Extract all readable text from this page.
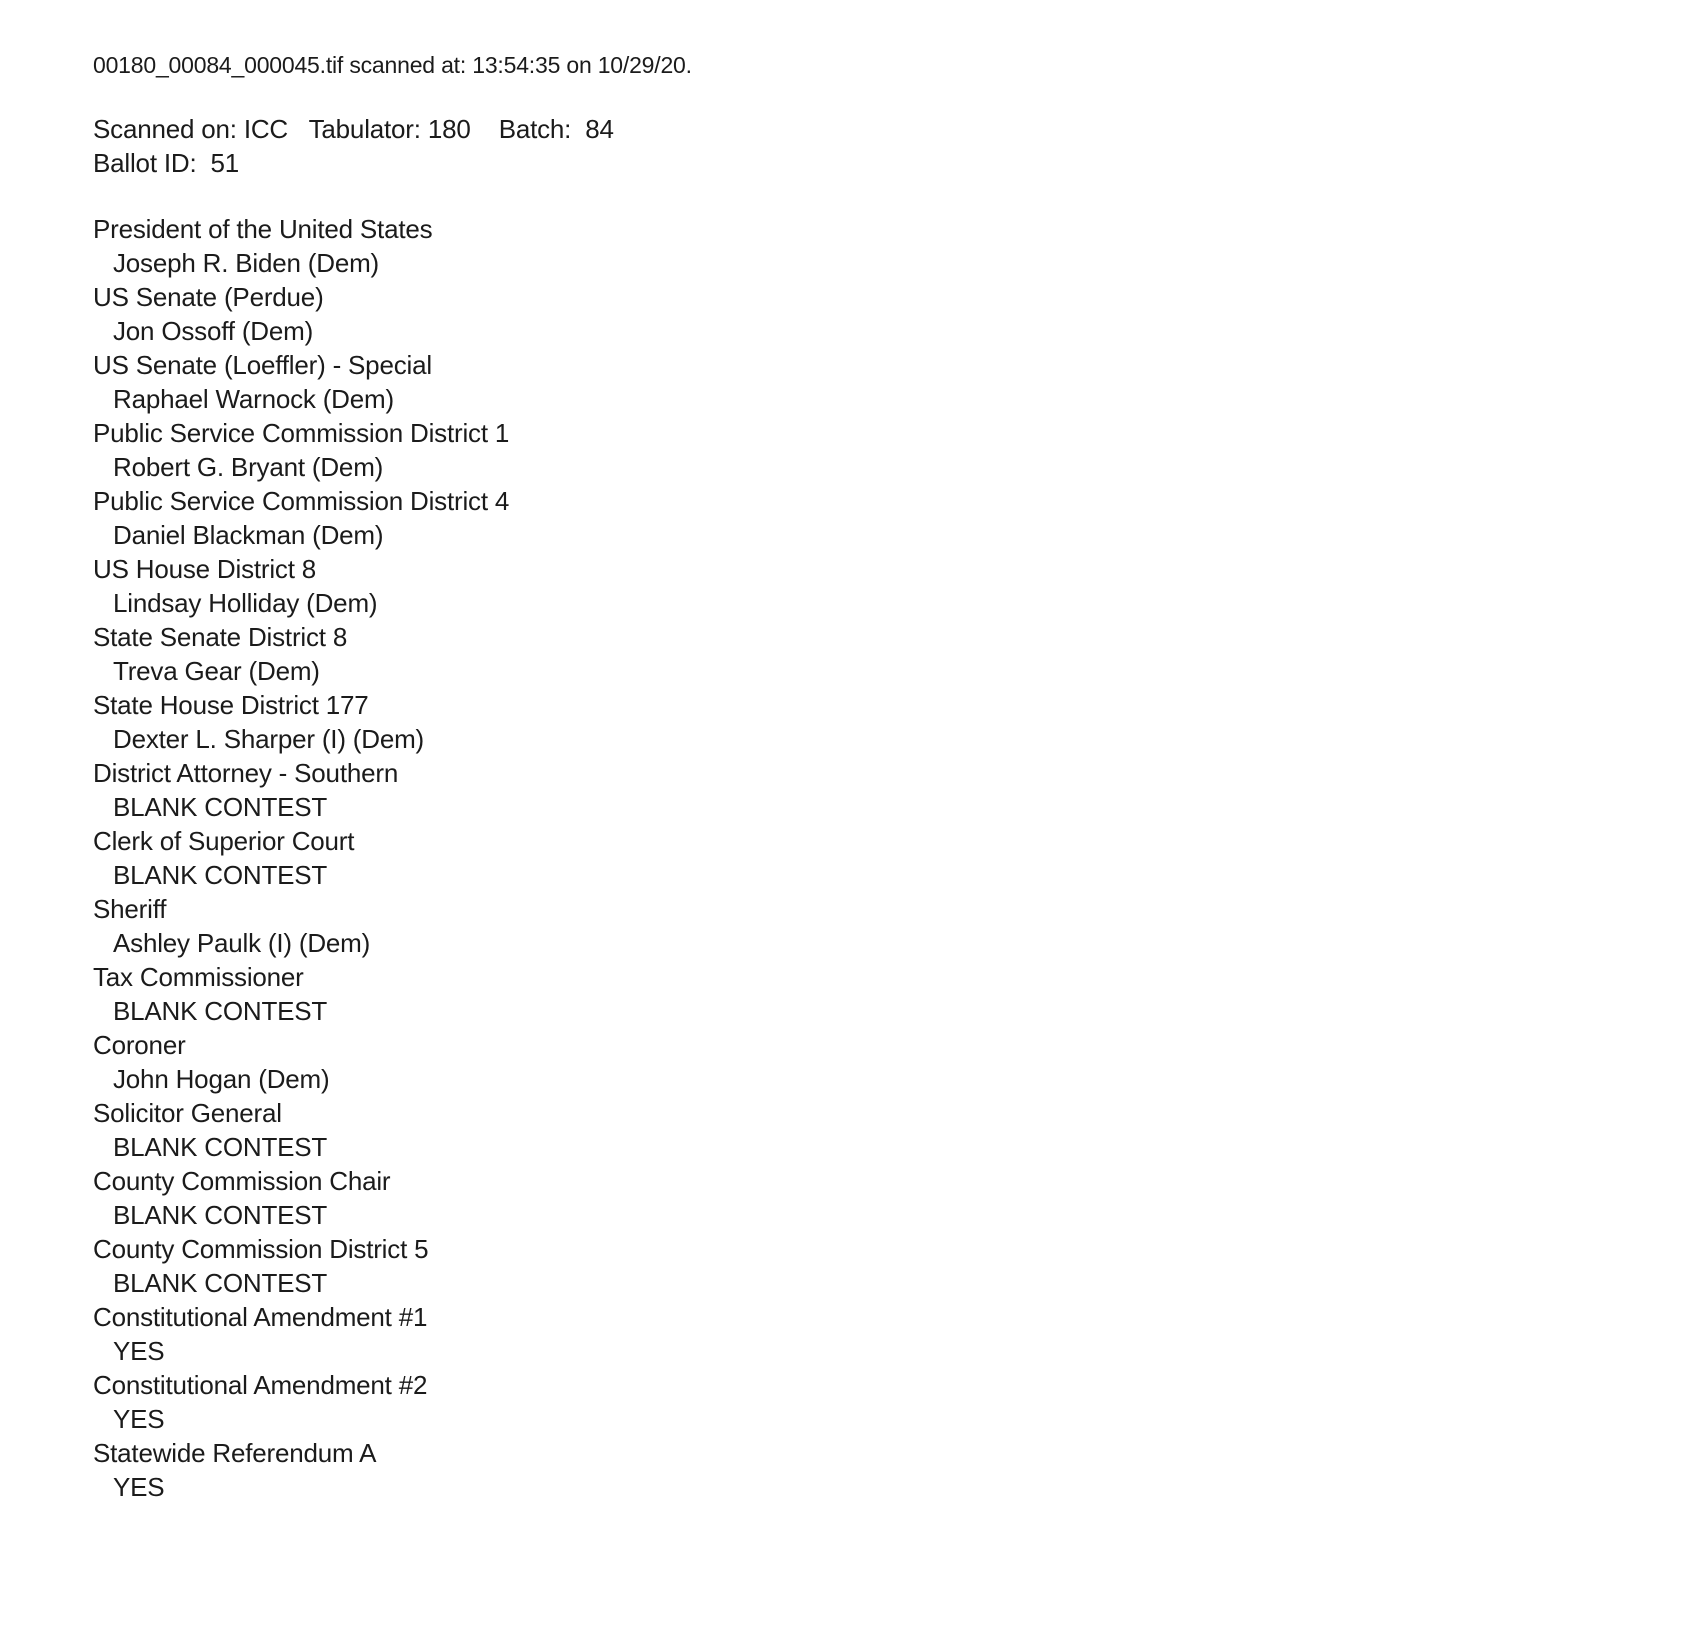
00180_00084_000045.tif scanned at: 13:54:35 on 10/29/20.
Scanned on: ICC   Tabulator: 180    Batch:  84
Ballot ID:  51
President of the United States
Joseph R. Biden (Dem)
US Senate (Perdue)
Jon Ossoff (Dem)
US Senate (Loeffler) - Special
Raphael Warnock (Dem)
Public Service Commission District 1
Robert G. Bryant (Dem)
Public Service Commission District 4
Daniel Blackman (Dem)
US House District 8
Lindsay Holliday (Dem)
State Senate District 8
Treva Gear (Dem)
State House District 177
Dexter L. Sharper (I) (Dem)
District Attorney - Southern
BLANK CONTEST
Clerk of Superior Court
BLANK CONTEST
Sheriff
Ashley Paulk (I) (Dem)
Tax Commissioner
BLANK CONTEST
Coroner
John Hogan (Dem)
Solicitor General
BLANK CONTEST
County Commission Chair
BLANK CONTEST
County Commission District 5
BLANK CONTEST
Constitutional Amendment #1
YES
Constitutional Amendment #2
YES
Statewide Referendum A
YES
